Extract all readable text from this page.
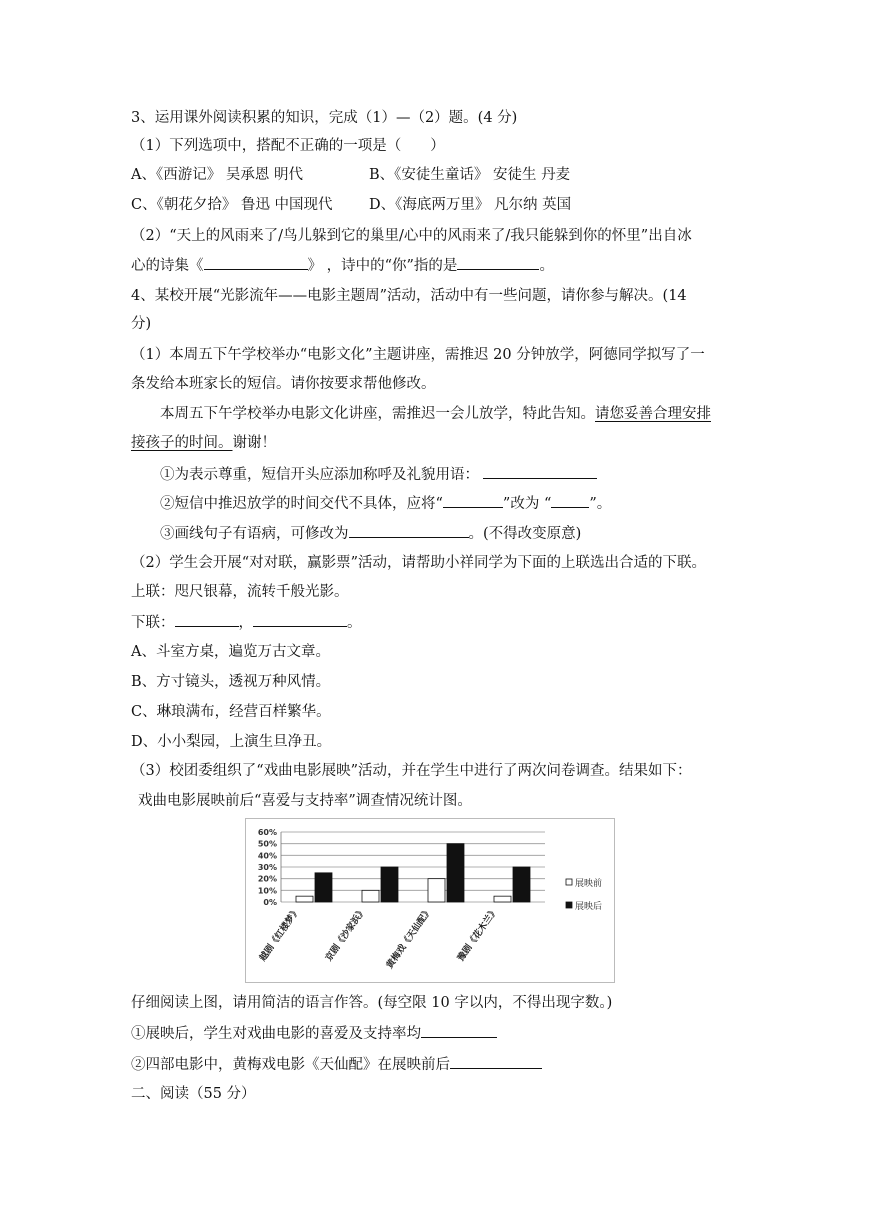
3、运用课外阅读积累的知识，完成（1）—（2）题。(4 分)
（1）下列选项中，搭配不正确的一项是（　　）
A、《西游记》 吴承恩 明代	B、《安徒生童话》 安徒生 丹麦
C、《朝花夕拾》 鲁迅 中国现代	D、《海底两万里》 凡尔纳 英国
（2）“天上的风雨来了/鸟儿躲到它的巢里/心中的风雨来了/我只能躲到你的怀里”出自冰
心的诗集《	》 ，诗中的“你”指的是	。
4、某校开展“光影流年——电影主题周”活动，活动中有一些问题，请你参与解决。(14
分)
（1）本周五下午学校举办“电影文化”主题讲座，需推迟 20 分钟放学，阿德同学拟写了一
条发给本班家长的短信。请你按要求帮他修改。
本周五下午学校举办电影文化讲座，需推迟一会儿放学，特此告知。请您妥善合理安排
接孩子的时间。谢谢！
①为表示尊重，短信开头应添加称呼及礼貌用语：
②短信中推迟放学的时间交代不具体，应将“	”改为 “	”。
③画线句子有语病，可修改为	。(不得改变原意)
（2）学生会开展“对对联，赢影票”活动，请帮助小祥同学为下面的上联选出合适的下联。
上联：咫尺银幕，流转千般光影。
下联：	，	。
A、斗室方桌，遍览万古文章。
B、方寸镜头，透视万种风情。
C、琳琅满布，经营百样繁华。
D、小小梨园，上演生旦净丑。
（3）校团委组织了“戏曲电影展映”活动，并在学生中进行了两次问卷调查。结果如下：
戏曲电影展映前后“喜爱与支持率”调查情况统计图。
0%
10%
20%
30%
40%
50%
60%
越剧《红楼梦》 京剧《沙家浜》 黄梅戏《天仙配》 豫剧《花木兰》
展映前
展映后
仔细阅读上图，请用简洁的语言作答。(每空限 10 字以内，不得出现字数。)
①展映后，学生对戏曲电影的喜爱及支持率均
②四部电影中，黄梅戏电影《天仙配》在展映前后
二、阅读（55 分）
